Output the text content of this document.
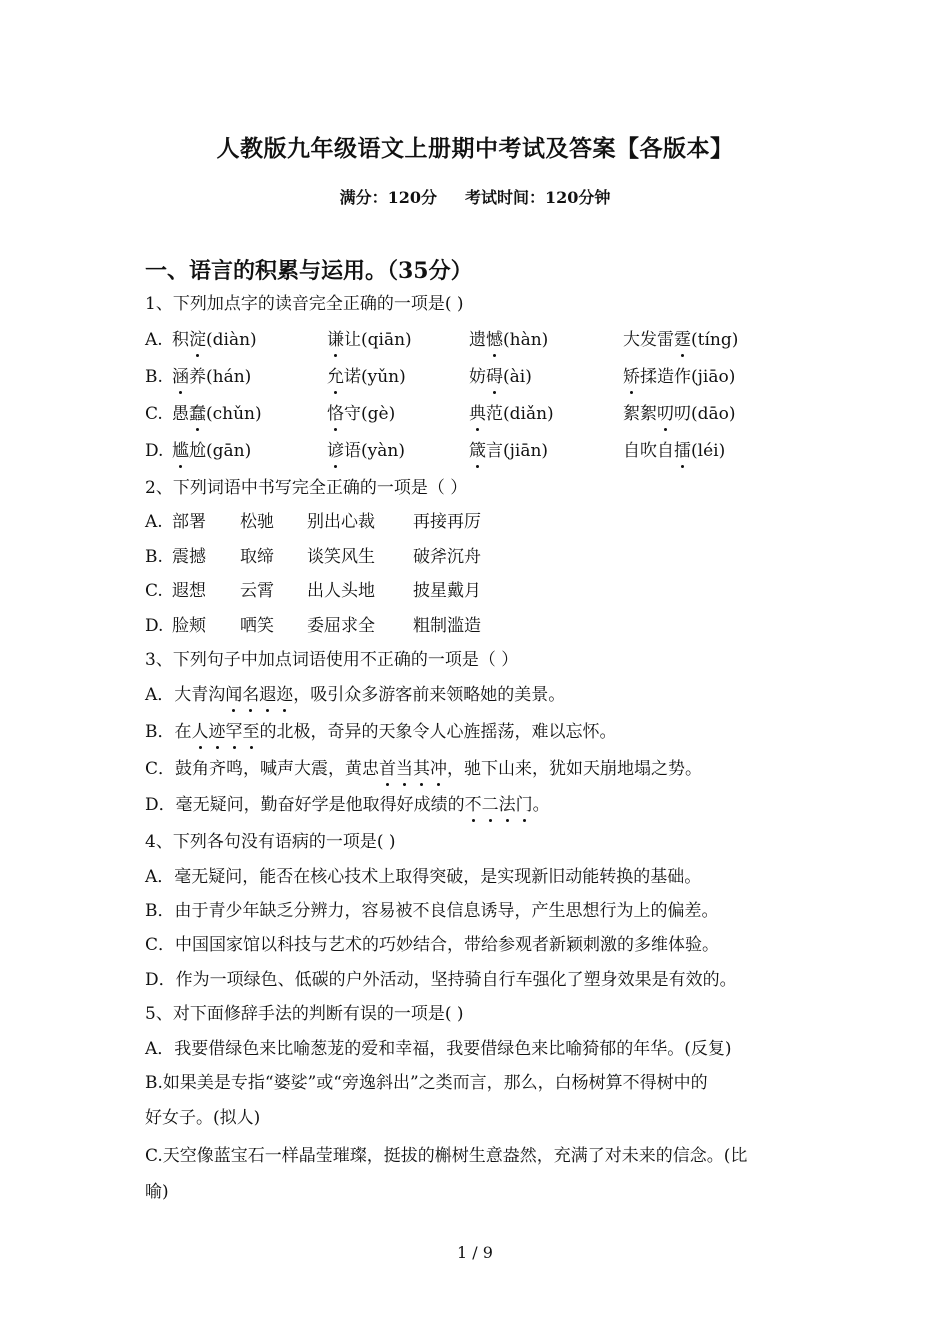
人教版九年级语文上册期中考试及答案【各版本】
满分：120分 考试时间：120分钟
一、语言的积累与运用。（35分）
1、下列加点字的读音完全正确的一项是( )
A. 积淀(diàn)	谦让(qiān)	遗憾(hàn)	大发雷霆(tíng)
B. 涵养(hán)	允诺(yǔn)	妨碍(ài)	矫揉造作(jiāo)
C. 愚蠢(chǔn)	恪守(gè)	典范(diǎn)	絮絮叨叨(dāo)
D. 尴尬(gān)	谚语(yàn)	箴言(jiān)	自吹自擂(léi)
2、下列词语中书写完全正确的一项是（ ）
A. 部署 松驰 别出心裁 再接再厉
B. 震撼 取缔 谈笑风生 破斧沉舟
C. 遐想 云霄 出人头地 披星戴月
D. 脸颊 哂笑 委屈求全 粗制滥造
3、下列句子中加点词语使用不正确的一项是（ ）
A．大青沟闻名遐迩，吸引众多游客前来领略她的美景。
B．在人迹罕至的北极，奇异的天象令人心旌摇荡，难以忘怀。
C．鼓角齐鸣，喊声大震，黄忠首当其冲，驰下山来，犹如天崩地塌之势。
D．毫无疑问，勤奋好学是他取得好成绩的不二法门。
4、下列各句没有语病的一项是( )
A．毫无疑问，能否在核心技术上取得突破，是实现新旧动能转换的基础。
B．由于青少年缺乏分辨力，容易被不良信息诱导，产生思想行为上的偏差。
C．中国国家馆以科技与艺术的巧妙结合，带给参观者新颖刺激的多维体验。
D．作为一项绿色、低碳的户外活动，坚持骑自行车强化了塑身效果是有效的。
5、对下面修辞手法的判断有误的一项是( )
A．我要借绿色来比喻葱茏的爱和幸福，我要借绿色来比喻猗郁的年华。(反复)
B.如果美是专指“婆娑”或“旁逸斜出”之类而言，那么，白杨树算不得树中的
好女子。(拟人)
C.天空像蓝宝石一样晶莹璀璨，挺拔的槲树生意盎然，充满了对未来的信念。(比
喻)
1 / 9
